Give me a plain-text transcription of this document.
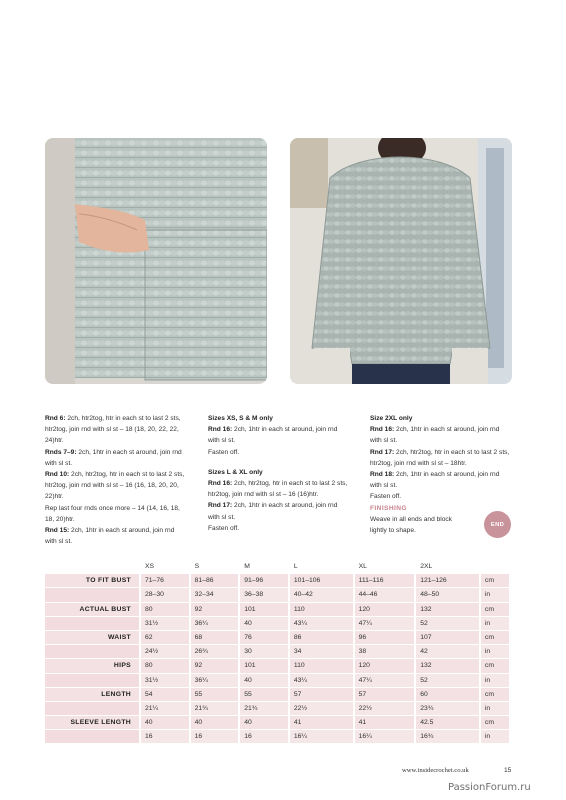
Rnd 6: 2ch, htr2tog, htr in each st to last 2 sts, htr2tog, join rnd with sl st – 18 (18, 20, 22, 22, 24)htr.

Rnds 7–9: 2ch, 1htr in each st around, join rnd with sl st.

Rnd 10: 2ch, htr2tog, htr in each st to last 2 sts, htr2tog, join rnd with sl st – 16 (16, 18, 20, 20, 22)htr.

Rep last four rnds once more – 14 (14, 16, 18, 18, 20)htr.

Rnd 15: 2ch, 1htr in each st around, join rnd with sl st.

Sizes XS, S & M only

Rnd 16: 2ch, 1htr in each st around, join rnd with sl st.

Fasten off.

Sizes L & XL only

Rnd 16: 2ch, htr2tog, htr in each st to last 2 sts, htr2tog, join rnd with sl st – 16 (16)htr.

Rnd 17: 2ch, 1htr in each st around, join rnd with sl st.

Fasten off.

Size 2XL only

Rnd 16: 2ch, 1htr in each st around, join rnd with sl st.

Rnd 17: 2ch, htr2tog, htr in each st to last 2 sts, htr2tog, join rnd with sl st – 18htr.

Rnd 18: 2ch, 1htr in each st around, join rnd with sl st.

Fasten off.

FINISHING

Weave in all ends and block lightly to shape.

END
	XS	S	M	L	XL	2XL	
TO FIT BUST	71–76	81–86	91–96	101–106	111–116	121–126	cm
	28–30	32–34	36–38	40–42	44–46	48–50	in
ACTUAL BUST	80	92	101	110	120	132	cm
	31½	36¼	40	43¼	47¼	52	in
WAIST	62	68	76	86	96	107	cm
	24½	26¾	30	34	38	42	in
HIPS	80	92	101	110	120	132	cm
	31½	36¼	40	43¼	47¼	52	in
LENGTH	54	55	55	57	57	60	cm
	21¼	21¾	21¾	22½	22½	23¾	in
SLEEVE LENGTH	40	40	40	41	41	42.5	cm
	16	16	16	16¼	16¼	16¾	in
www.insidecrochet.co.uk	15
PassionForum.ru
